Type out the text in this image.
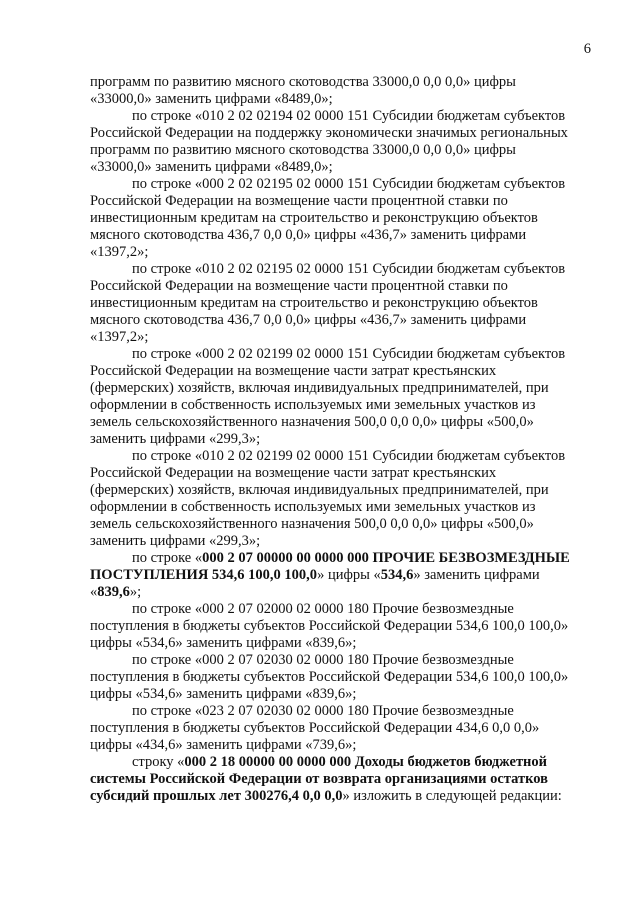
6

программ по развитию мясного скотоводства 33000,0 0,0 0,0» цифры
«33000,0» заменить цифрами «8489,0»;

по строке «010 2 02 02194 02 0000 151 Субсидии бюджетам субъектов
Российской Федерации на поддержку экономически значимых региональных
программ по развитию мясного скотоводства 33000,0 0,0 0,0» цифры
«33000,0» заменить цифрами «8489,0»;

по строке «000 2 02 02195 02 0000 151 Субсидии бюджетам субъектов
Российской Федерации на возмещение части процентной ставки по
инвестиционным кредитам на строительство и реконструкцию объектов
мясного скотоводства 436,7 0,0 0,0» цифры «436,7» заменить цифрами
«1397,2»;

по строке «010 2 02 02195 02 0000 151 Субсидии бюджетам субъектов
Российской Федерации на возмещение части процентной ставки по
инвестиционным кредитам на строительство и реконструкцию объектов
мясного скотоводства 436,7 0,0 0,0» цифры «436,7» заменить цифрами
«1397,2»;

по строке «000 2 02 02199 02 0000 151 Субсидии бюджетам субъектов
Российской Федерации на возмещение части затрат крестьянских
(фермерских) хозяйств, включая индивидуальных предпринимателей, при
оформлении в собственность используемых ими земельных участков из
земель сельскохозяйственного назначения 500,0 0,0 0,0» цифры «500,0»
заменить цифрами «299,3»;

по строке «010 2 02 02199 02 0000 151 Субсидии бюджетам субъектов
Российской Федерации на возмещение части затрат крестьянских
(фермерских) хозяйств, включая индивидуальных предпринимателей, при
оформлении в собственность используемых ими земельных участков из
земель сельскохозяйственного назначения 500,0 0,0 0,0» цифры «500,0»
заменить цифрами «299,3»;

по строке «000 2 07 00000 00 0000 000 ПРОЧИЕ БЕЗВОЗМЕЗДНЫЕ
ПОСТУПЛЕНИЯ 534,6 100,0 100,0» цифры «534,6» заменить цифрами
«839,6»;

по строке «000 2 07 02000 02 0000 180 Прочие безвозмездные
поступления в бюджеты субъектов Российской Федерации 534,6 100,0 100,0»
цифры «534,6» заменить цифрами «839,6»;

по строке «000 2 07 02030 02 0000 180 Прочие безвозмездные
поступления в бюджеты субъектов Российской Федерации 534,6 100,0 100,0»
цифры «534,6» заменить цифрами «839,6»;

по строке «023 2 07 02030 02 0000 180 Прочие безвозмездные
поступления в бюджеты субъектов Российской Федерации 434,6 0,0 0,0»
цифры «434,6» заменить цифрами «739,6»;

строку «000 2 18 00000 00 0000 000 Доходы бюджетов бюджетной
системы Российской Федерации от возврата организациями остатков
субсидий прошлых лет 300276,4 0,0 0,0» изложить в следующей редакции:
